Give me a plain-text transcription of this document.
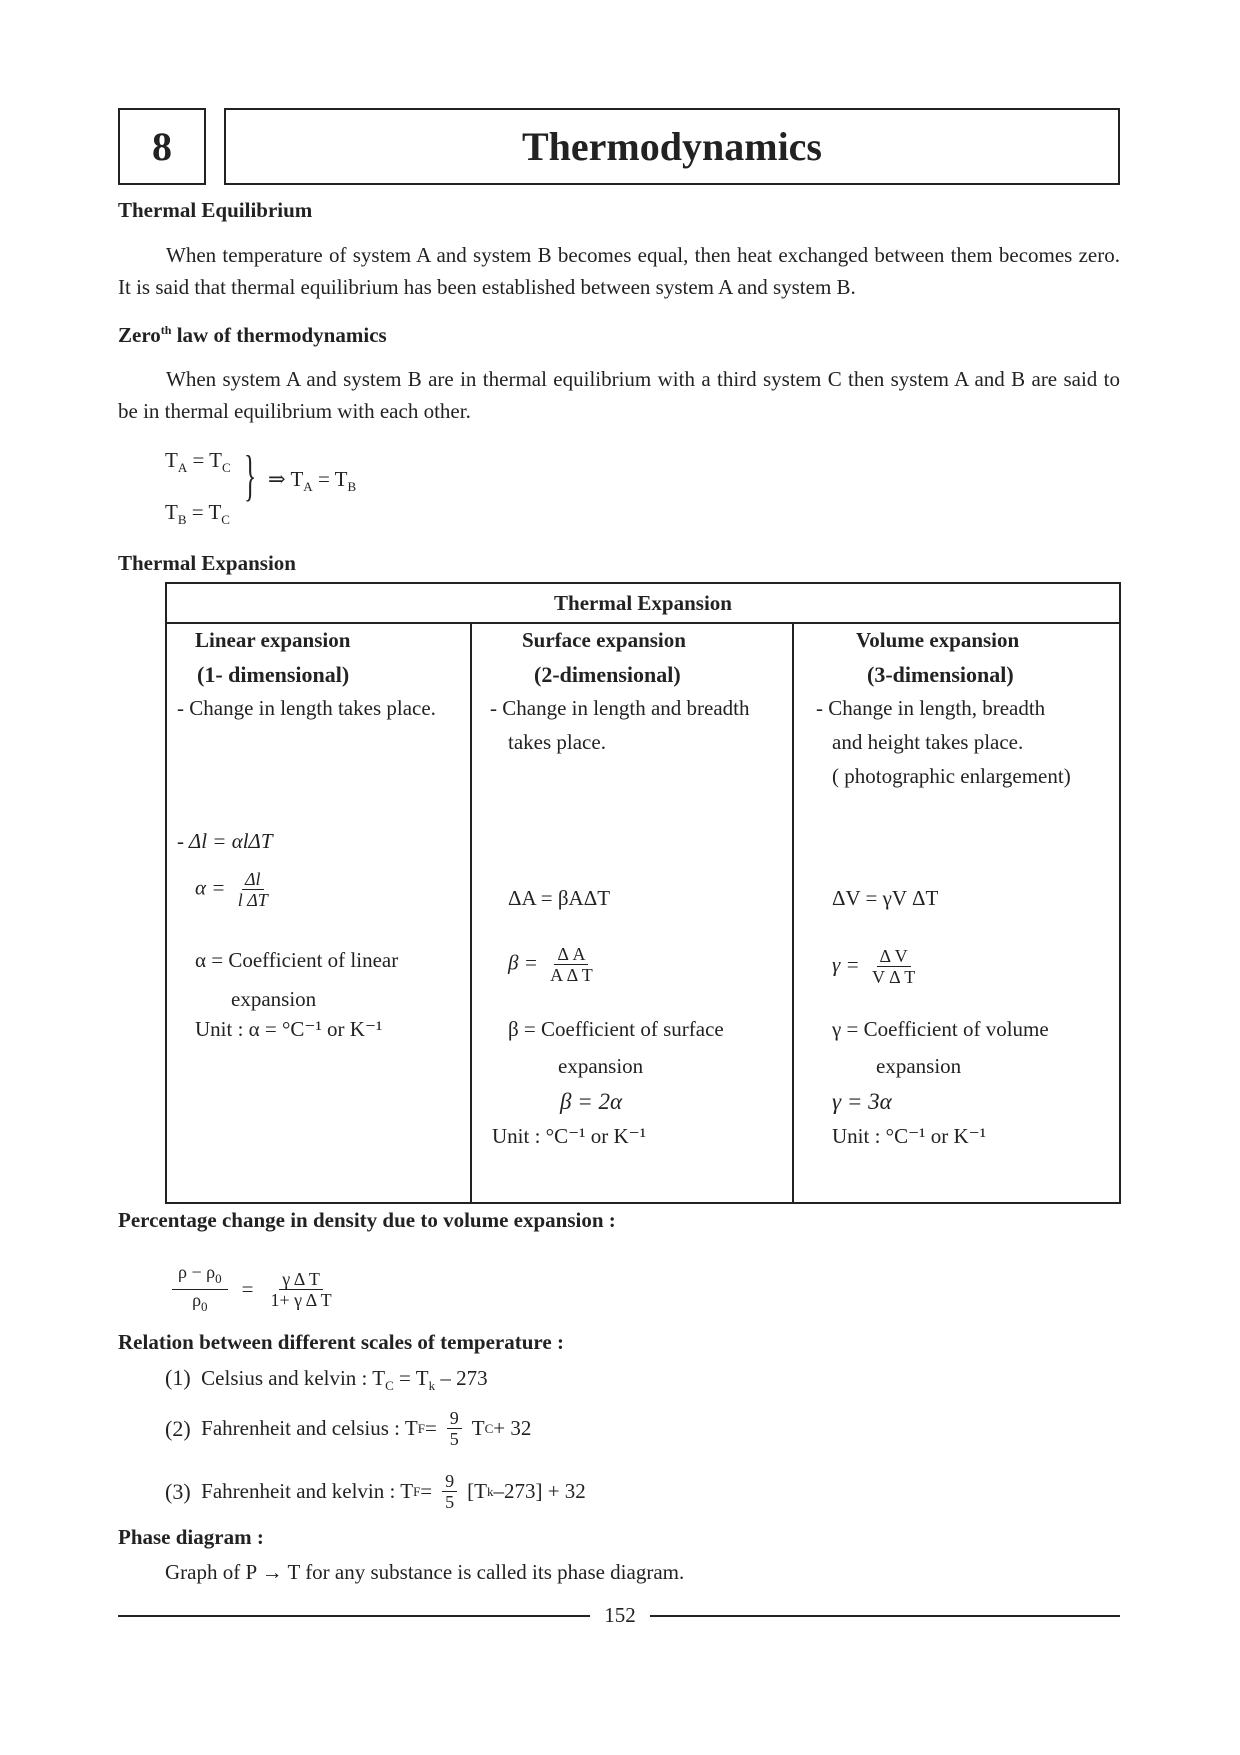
8	Thermodynamics
Thermal Equilibrium
When temperature of system A and system B becomes equal, then heat exchanged between them becomes zero. It is said that thermal equilibrium has been established between system A and system B.
Zero$^{th}$ law of thermodynamics
When system A and system B are in thermal equilibrium with a third system C then system A and B are said to be in thermal equilibrium with each other.
$T_A = T_C$
$T_B = T_C$
} ⇒ $T_A = T_B$
Thermal Expansion
Thermal Expansion

Linear expansion
(1- dimensional)
- Change in length takes place.
- Δl = αlΔT
$\alpha = \frac{\Delta l}{\text{l ΔT}}$
α = Coefficient of linear
expansion
Unit : α = °C⁻¹ or K⁻¹

Surface expansion
(2-dimensional)
- Change in length and breadth
takes place.
ΔA = βAΔT
$\beta = \frac{\text{Δ A}}{\text{A Δ T}}$
β = Coefficient of surface
expansion
β = 2α
Unit : °C⁻¹ or K⁻¹

Volume expansion
(3-dimensional)
- Change in length, breadth
and height takes place.
( photographic enlargement)
ΔV = γV ΔT
$\gamma = \frac{\text{Δ V}}{\text{V Δ T}}$
γ = Coefficient of volume
expansion
γ = 3α
Unit : °C⁻¹ or K⁻¹
Percentage change in density due to volume expansion :
$\frac{\rho - \rho_0}{\rho_0} = \frac{\text{γ Δ T}}{\text{1+ γ Δ T}}$
Relation between different scales of temperature :
(1) Celsius and kelvin : $T_C = T_k - 273$
(2)
Fahrenheit and celsius : T $F = \frac{9}{5}$ T C + 32
(3)
Fahrenheit and kelvin : T $F = \frac{9}{5} [T$ k –273] + 32
Phase diagram :
Graph of P → T for any substance is called its phase diagram.
152
